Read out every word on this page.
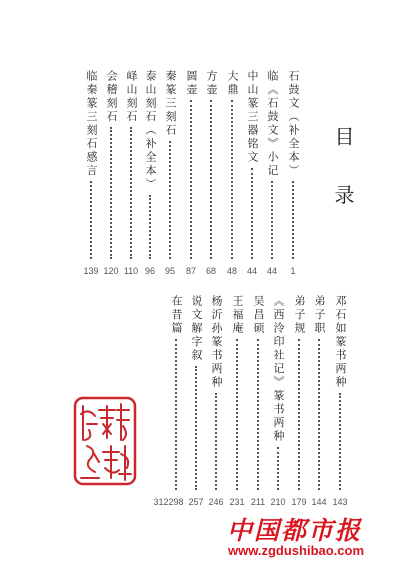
目 录
石鼓文（补全本）
1
临《石鼓文》小记
44
中山篆三器铭文
44
大鼎
48
方壶
68
圆壶
87
秦篆三刻石
95
泰山刻石（补全本）
96
峄山刻石
110
会稽刻石
120
临秦篆三刻石感言
139
邓石如篆书两种
143
弟子职
144
弟子规
179
《西泠印社记》篆书两种
210
吴昌硕
211
王福庵
231
杨沂孙篆书两种
246
说文解字叙
257
在昔篇
298
312
中国都市报
www.zgdushibao.com
